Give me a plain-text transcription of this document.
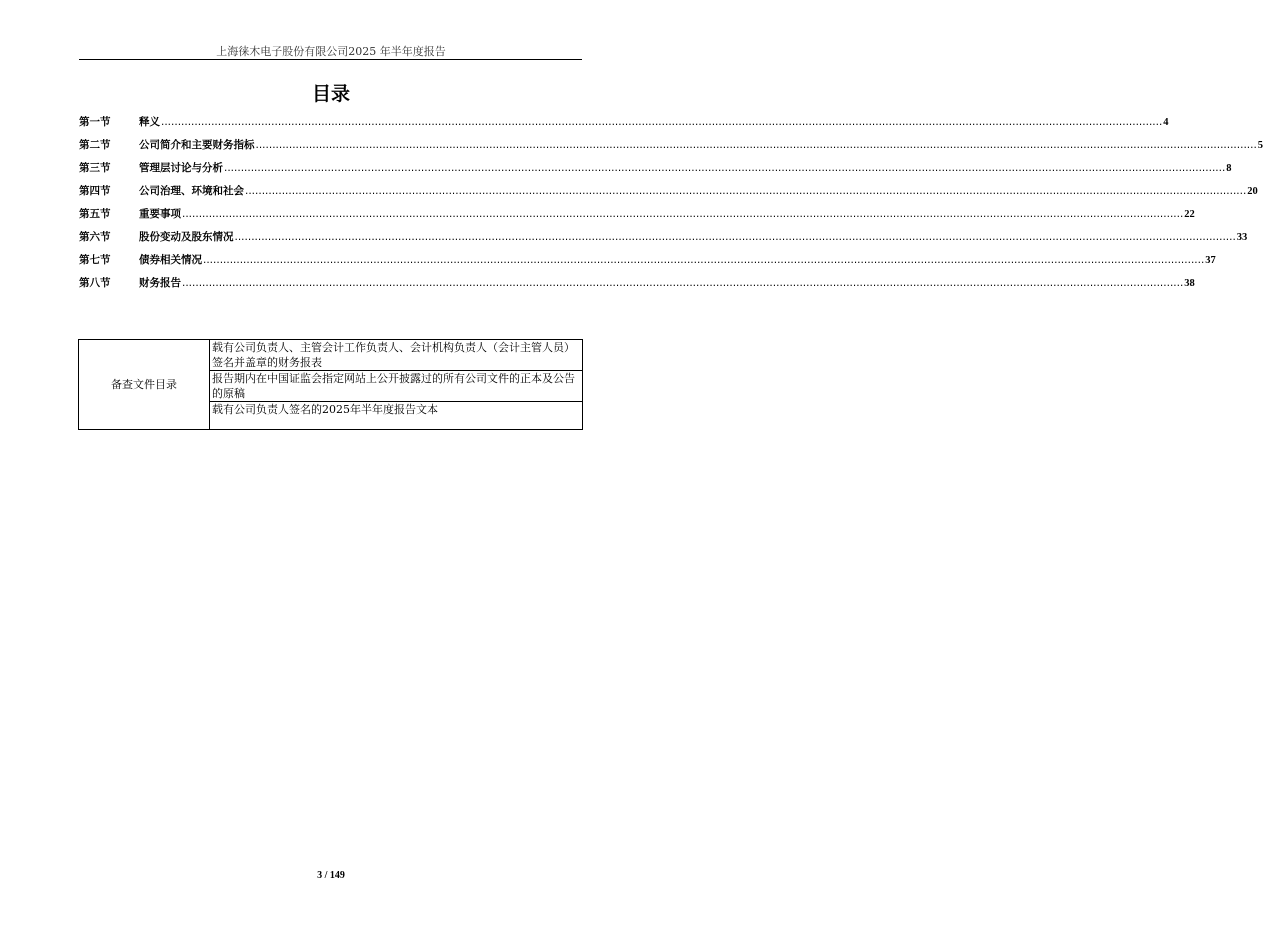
上海徕木电子股份有限公司2025 年半年度报告
目录
第一节	释义 ............................................................................................................................................................................................................................................................................................................ 4
第二节	公司简介和主要财务指标 ............................................................................................................................................................................................................................................................................................................ 5
第三节	管理层讨论与分析 ............................................................................................................................................................................................................................................................................................................ 8
第四节	公司治理、环境和社会 ............................................................................................................................................................................................................................................................................................................ 20
第五节	重要事项 ............................................................................................................................................................................................................................................................................................................ 22
第六节	股份变动及股东情况 ............................................................................................................................................................................................................................................................................................................ 33
第七节	债券相关情况 ............................................................................................................................................................................................................................................................................................................ 37
第八节	财务报告 ............................................................................................................................................................................................................................................................................................................ 38
备查文件目录	载有公司负责人、主管会计工作负责人、会计机构负责人（会计主管人员）签名并盖章的财务报表
报告期内在中国证监会指定网站上公开披露过的所有公司文件的正本及公告的原稿
载有公司负责人签名的2025年半年度报告文本
3 / 149
